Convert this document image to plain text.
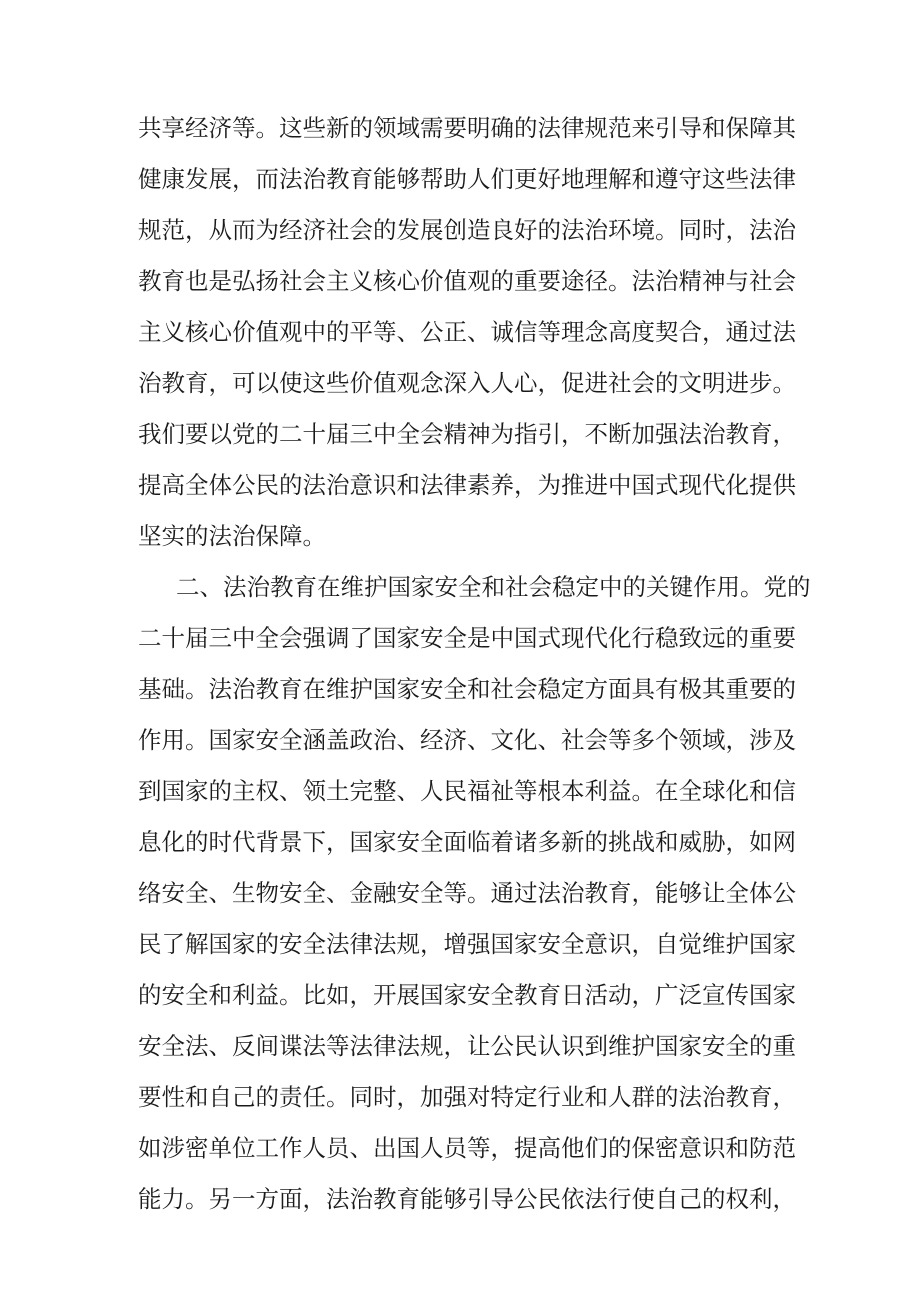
共享经济等。这些新的领域需要明确的法律规范来引导和保障其
健康发展，而法治教育能够帮助人们更好地理解和遵守这些法律
规范，从而为经济社会的发展创造良好的法治环境。同时，法治
教育也是弘扬社会主义核心价值观的重要途径。法治精神与社会
主义核心价值观中的平等、公正、诚信等理念高度契合，通过法
治教育，可以使这些价值观念深入人心，促进社会的文明进步。
我们要以党的二十届三中全会精神为指引，不断加强法治教育，
提高全体公民的法治意识和法律素养，为推进中国式现代化提供
坚实的法治保障。
二、法治教育在维护国家安全和社会稳定中的关键作用。党的
二十届三中全会强调了国家安全是中国式现代化行稳致远的重要
基础。法治教育在维护国家安全和社会稳定方面具有极其重要的
作用。国家安全涵盖政治、经济、文化、社会等多个领域，涉及
到国家的主权、领土完整、人民福祉等根本利益。在全球化和信
息化的时代背景下，国家安全面临着诸多新的挑战和威胁，如网
络安全、生物安全、金融安全等。通过法治教育，能够让全体公
民了解国家的安全法律法规，增强国家安全意识，自觉维护国家
的安全和利益。比如，开展国家安全教育日活动，广泛宣传国家
安全法、反间谍法等法律法规，让公民认识到维护国家安全的重
要性和自己的责任。同时，加强对特定行业和人群的法治教育，
如涉密单位工作人员、出国人员等，提高他们的保密意识和防范
能力。另一方面，法治教育能够引导公民依法行使自己的权利，
